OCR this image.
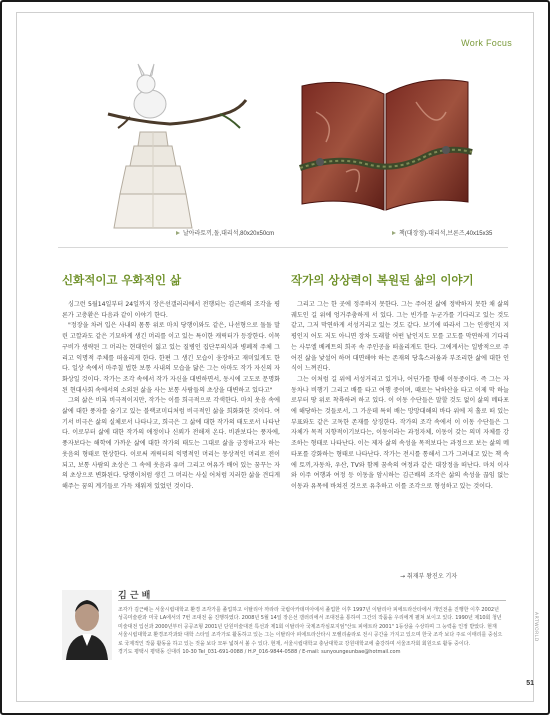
Work Focus
날아라토끼,돌,대리석,80x20x50cm	책(대장정)-대리석,브론즈,40x15x35
신화적이고 우화적인 삶	작가의 상상력이 복원된 삶의 이야기

싱그런 5월14일부터 24일까지 장은선갤러리에서 전행되는 김근배의 조각을 평론가 고충환은 다음과 같이 이야기 한다.

"정장을 차려 입은 사내의 몸통 위로 마치 당행이와도 같은, 나선형으로 돌돌 말린 고깔과도 같은 기묘하게 생긴 머리를 이고 있는 특이한 캐릭터가 등장한다. 이목구비가 생략된 그 머리는 현대인이 잃고 있는 질병인 집단무의식과 병폐적 주체 그리고 익명적 주체를 떠올리게 한다. 한편 그 생긴 모습이 웅장하고 재미있게도 한다. 일상 속에서 마주칠 법한 보통 사내의 모습을 닮은 그는 아마도 작가 자신의 자화상일 것이다. 작가는 조각 속에서 작가 자신을 대변하면서, 동시에 고도로 문명화 된 현대사회 속에서의 소외된 삶을 사는 보통 사람들의 초상을 대변하고 있다고"

그의 삶은 비록 비극적이지만, 작가는 이를 희극적으로 각색한다. 마치 웃음 속에 삶에 대한 풍자를 숨기고 있는 블랙코미디처럼 비극적인 삶을 희화화한 것이다. 여기서 비극은 삶의 실체로서 나타나고, 희극은 그 삶에 대한 작가의 태도로서 나타난다. 이로부터 삶에 대한 작가의 애정이나 신뢰가 전해져 온다. 비관보다는 풍자에, 풍자보다는 해학에 가까운 삶에 대한 작가의 태도는 그대로 삶을 긍정하고자 하는 웃음의 형태로 현상한다. 이로써 캐릭터의 익명적인 머리는 몽상적인 머리로 전이되고, 보통 사람의 초상은 그 속에 웃음과 유머 그리고 여유가 배어 있는 꿈꾸는 자의 초상으로 변화된다. 당행이처럼 생긴 그 머리는 사실 어처럼 지러한 삶을 견디게 해주는 꿈의 계기들로 가득 채워져 있었던 것이다.

그리고 그는 한 곳에 정주하지 못한다. 그는 주어진 삶에 정박하지 못한 채 삶의 궤도인 길 위에 엉거주춤하게 서 있다. 그는 빈가를 누군가를 기다리고 있는 것도 같고, 그저 막연하게 서성거리고 있는 것도 같다. 보기에 따라서 그는 인생인지 지평인지 어도 저도 아니면 장차 도래할 어떤 낱인지도 모를 고도를 막연하게 기다리는 사무엘 베케트의 희곡 속 주인공을 떠올리게도 한다. 그에게서는 일방적으로 주어진 삶을 낯설어 하며 대면해야 하는 존재의 당혹스러움과 부조리한 삶에 대한 인식이 느껴진다.

그는 이처럼 길 위에 서성거리고 있거나, 어딘가를 향해 이동중이다. 즉 그는 자동차나 비행기 그리고 배를 타고 여행 중이며, 때로는 낙하산을 타고 이제 막 하늘로부터 땅 위로 착륙하려 하고 있다. 이 이동 수단들은 말할 것도 없이 삶의 메타포에 해당하는 것들로서, 그 가운데 특히 배는 망망대해의 바다 위에 저 홀로 떠 있는 부표와도 같은 고독한 존재를 상징한다. 작가의 조각 속에서 이 이동 수단들은 그 자체가 목적 지향적이기보다는, 이동이라는 과정자체, 이동이 갖는 의미 자체를 강조하는 형태로 나타난다. 이는 제자 삶의 속성을 목적보다는 과정으로 보는 삶의 메타포를 강화하는 형태로 나타난다. 작가는 전시를 통해서 그가 그려내고 있는 책 속에 토끼,자동차, 우산, TV와 함께 꿈속의 여정과 같은 대장정을 떠난다. 마치 이사와 이주 여행과 여정 등 이동을 암시하는 김근배의 조각은 삶의 속성을 끊임 없는 이동과 유목에 바쳐진 것으로 유추하고 이를 조각으로 형성하고 있는 것이다.

→ 취재부 왕진오 기자
김 근 배
조각가 김근배는 서울시립대학교 환경 조각가를 졸업하고 이탈리아 까라라 국립아카데미아에서 졸업한 이후 1997년 이탈리아 피에트라산타에서 개인전을 진행한 이후 2002년 성곡미술관과 미국 LA에서의 7번 조대전 을 진행하였다. 2008년 5월 14일 장은선 갤러리에서 조대전을 통하여 그간의 작품을 우리에게 펼쳐 보이고 있다. 1990년 제10회 청년미술대전 입선과 2000년부터 공공조형 2001년 단원미술대전 특선과 제1회 이탈리아 국제조각심포지엄"산토 피에트라 2001" 1등상을 수상하며 그 능력을 인정 받았다. 현재 서울시립대학교 환경조각과와 대학 스타일 조각가로 활동하고 있는 그는 이탈리아 피에트라산타시 모렐리솔라로 전시 공간을 가지고 있으며 한국 조각 보다 주로 이태리를 중심으로 국제적인 작품 활동을 하고 있는 것을 보다 모두 넓혀서 볼 수 있다. 현재, 서울시립대학교 충남대학교 강원대학교에 출강하며 서울조각회 회원으로 활동 중이다.
경기도 평택시 평택동 신대리 10-30 Tel_031-691-0088 / H.P_016-9844-0588 / E-mail: sunyoungeunbae@hotmail.com
ARTWORLD
51
